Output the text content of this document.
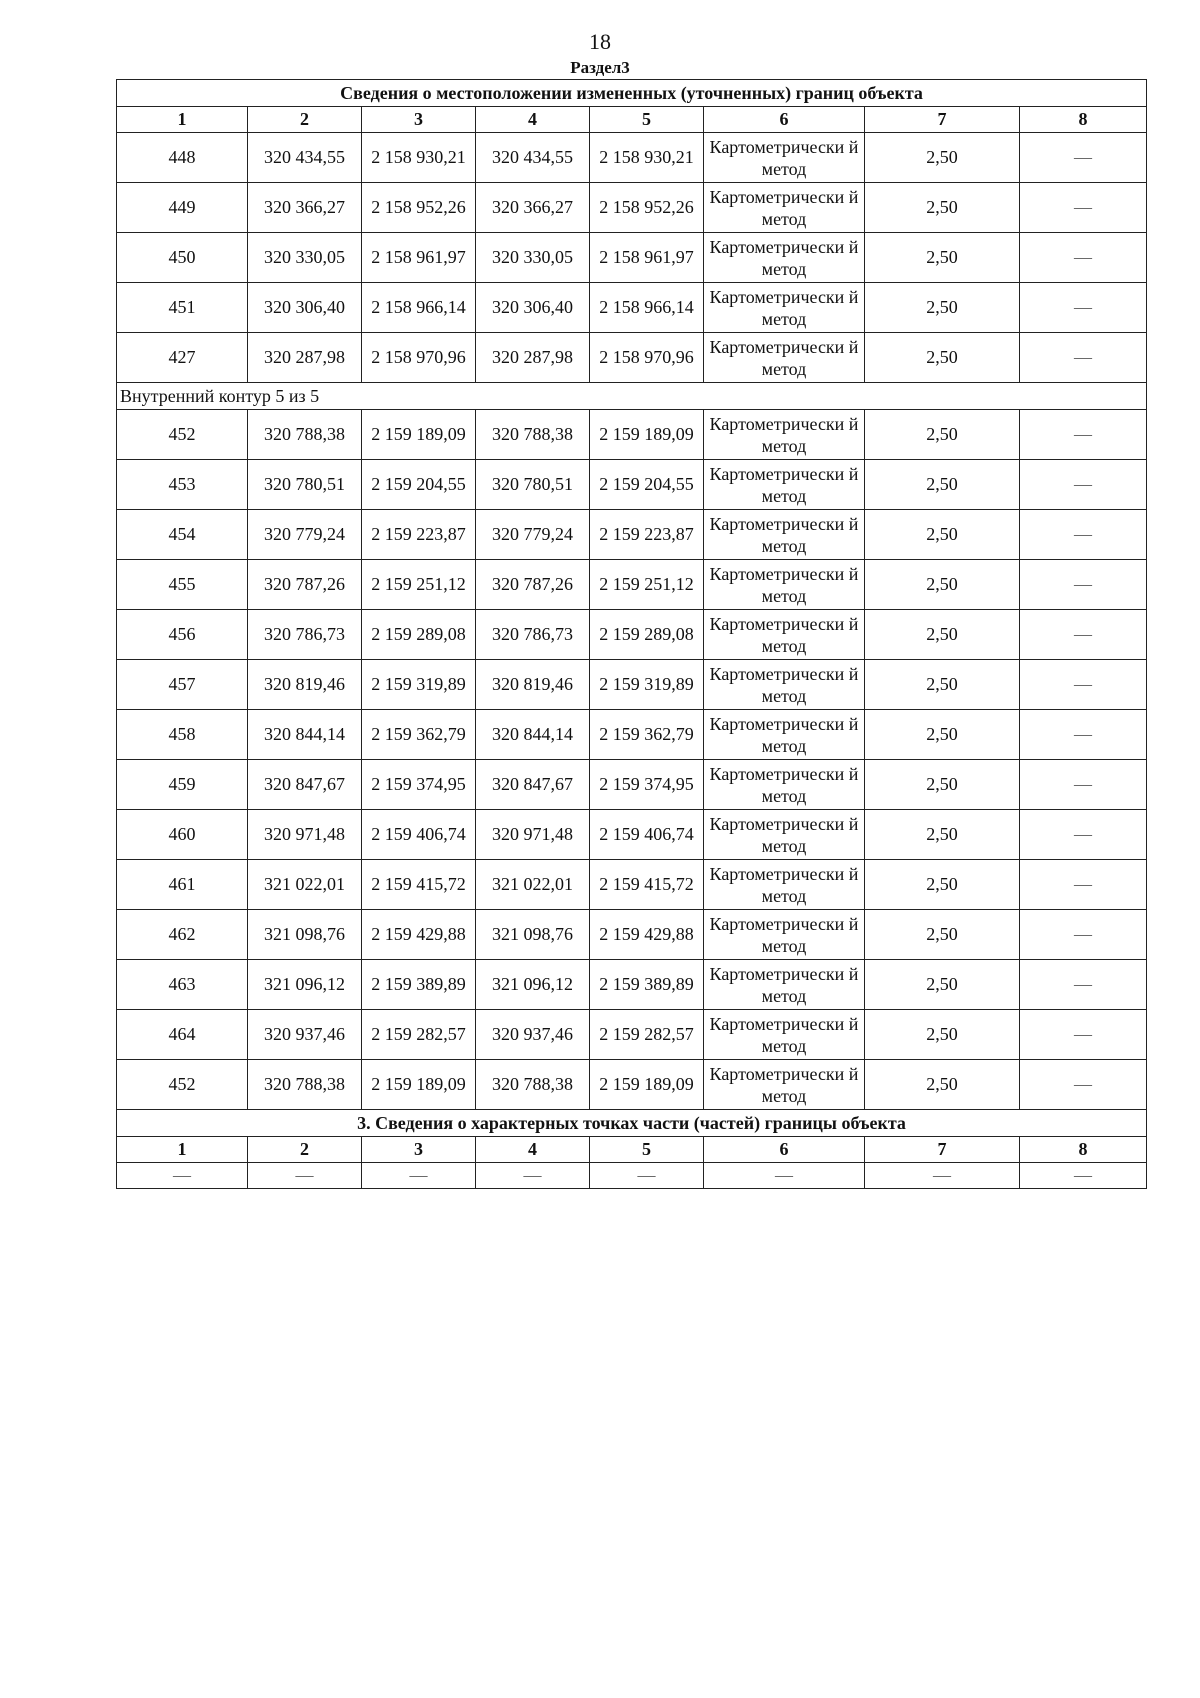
18
Раздел3
Сведения о местоположении измененных (уточненных) границ объекта							
1	2	3	4	5	6	7	8
448	320 434,55	2 158 930,21	320 434,55	2 158 930,21	Картометрически й метод	2,50	—
449	320 366,27	2 158 952,26	320 366,27	2 158 952,26	Картометрически й метод	2,50	—
450	320 330,05	2 158 961,97	320 330,05	2 158 961,97	Картометрически й метод	2,50	—
451	320 306,40	2 158 966,14	320 306,40	2 158 966,14	Картометрически й метод	2,50	—
427	320 287,98	2 158 970,96	320 287,98	2 158 970,96	Картометрически й метод	2,50	—
Внутренний контур 5 из 5							
452	320 788,38	2 159 189,09	320 788,38	2 159 189,09	Картометрически й метод	2,50	—
453	320 780,51	2 159 204,55	320 780,51	2 159 204,55	Картометрически й метод	2,50	—
454	320 779,24	2 159 223,87	320 779,24	2 159 223,87	Картометрически й метод	2,50	—
455	320 787,26	2 159 251,12	320 787,26	2 159 251,12	Картометрически й метод	2,50	—
456	320 786,73	2 159 289,08	320 786,73	2 159 289,08	Картометрически й метод	2,50	—
457	320 819,46	2 159 319,89	320 819,46	2 159 319,89	Картометрически й метод	2,50	—
458	320 844,14	2 159 362,79	320 844,14	2 159 362,79	Картометрически й метод	2,50	—
459	320 847,67	2 159 374,95	320 847,67	2 159 374,95	Картометрически й метод	2,50	—
460	320 971,48	2 159 406,74	320 971,48	2 159 406,74	Картометрически й метод	2,50	—
461	321 022,01	2 159 415,72	321 022,01	2 159 415,72	Картометрически й метод	2,50	—
462	321 098,76	2 159 429,88	321 098,76	2 159 429,88	Картометрически й метод	2,50	—
463	321 096,12	2 159 389,89	321 096,12	2 159 389,89	Картометрически й метод	2,50	—
464	320 937,46	2 159 282,57	320 937,46	2 159 282,57	Картометрически й метод	2,50	—
452	320 788,38	2 159 189,09	320 788,38	2 159 189,09	Картометрически й метод	2,50	—
3. Сведения о характерных точках части (частей) границы объекта							
1	2	3	4	5	6	7	8
—	—	—	—	—	—	—	—
